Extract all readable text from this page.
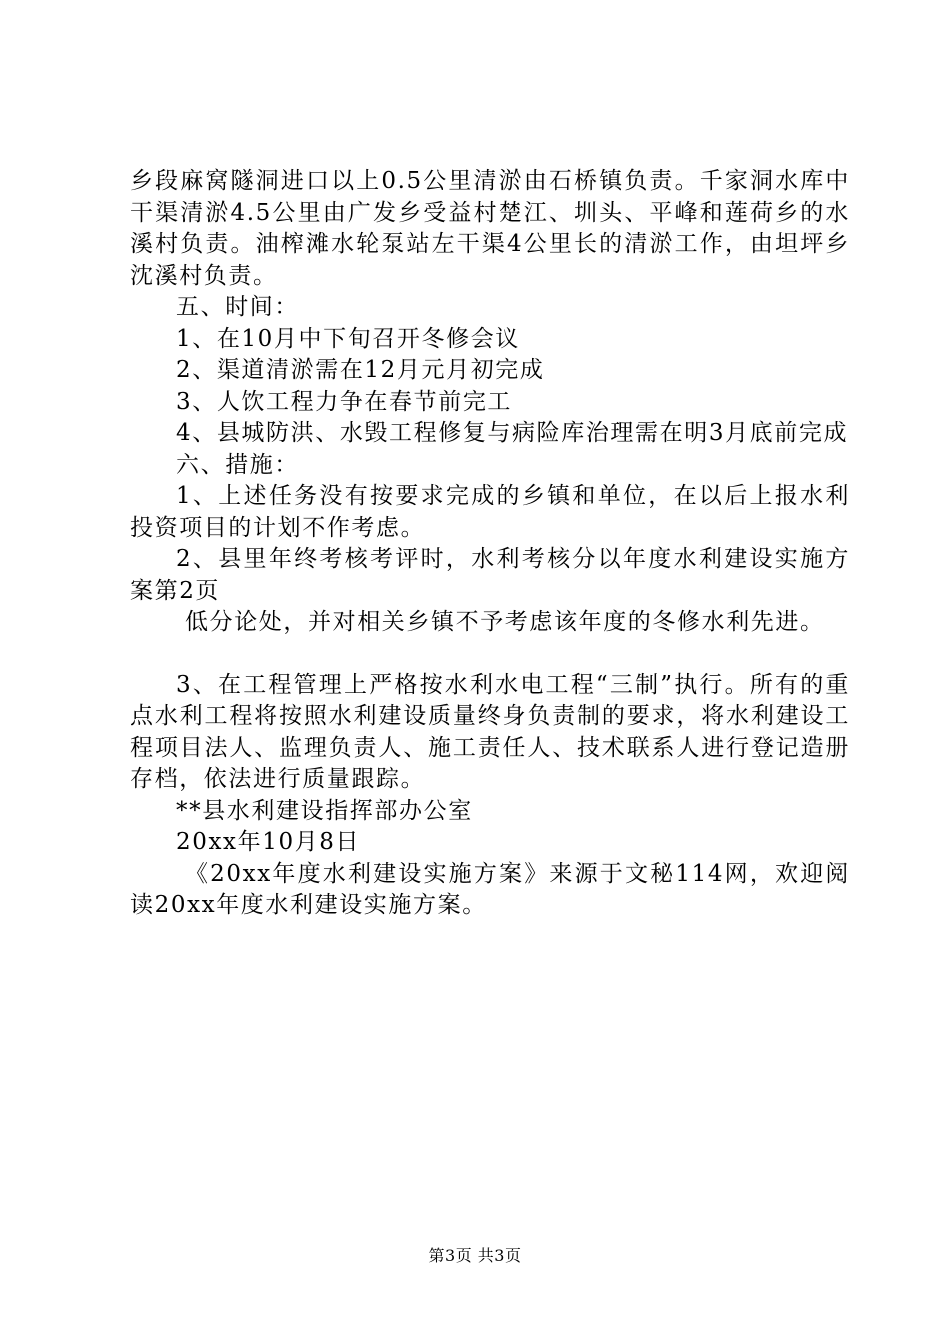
乡段麻窝隧洞进口以上0.5公里清淤由石桥镇负责。千家洞水库中干渠清淤4.5公里由广发乡受益村楚江、圳头、平峰和莲荷乡的水溪村负责。油榨滩水轮泵站左干渠4公里长的清淤工作，由坦坪乡沈溪村负责。

五、时间：

1、在10月中下旬召开冬修会议

2、渠道清淤需在12月元月初完成

3、人饮工程力争在春节前完工

4、县城防洪、水毁工程修复与病险库治理需在明3月底前完成

六、措施：

1、上述任务没有按要求完成的乡镇和单位，在以后上报水利投资项目的计划不作考虑。

2、县里年终考核考评时，水利考核分以年度水利建设实施方案第2页

低分论处，并对相关乡镇不予考虑该年度的冬修水利先进。

3、在工程管理上严格按水利水电工程“三制”执行。所有的重点水利工程将按照水利建设质量终身负责制的要求，将水利建设工程项目法人、监理负责人、施工责任人、技术联系人进行登记造册存档，依法进行质量跟踪。

**县水利建设指挥部办公室

20xx年10月8日

《20xx年度水利建设实施方案》来源于文秘114网，欢迎阅读20xx年度水利建设实施方案。

第3页 共3页
